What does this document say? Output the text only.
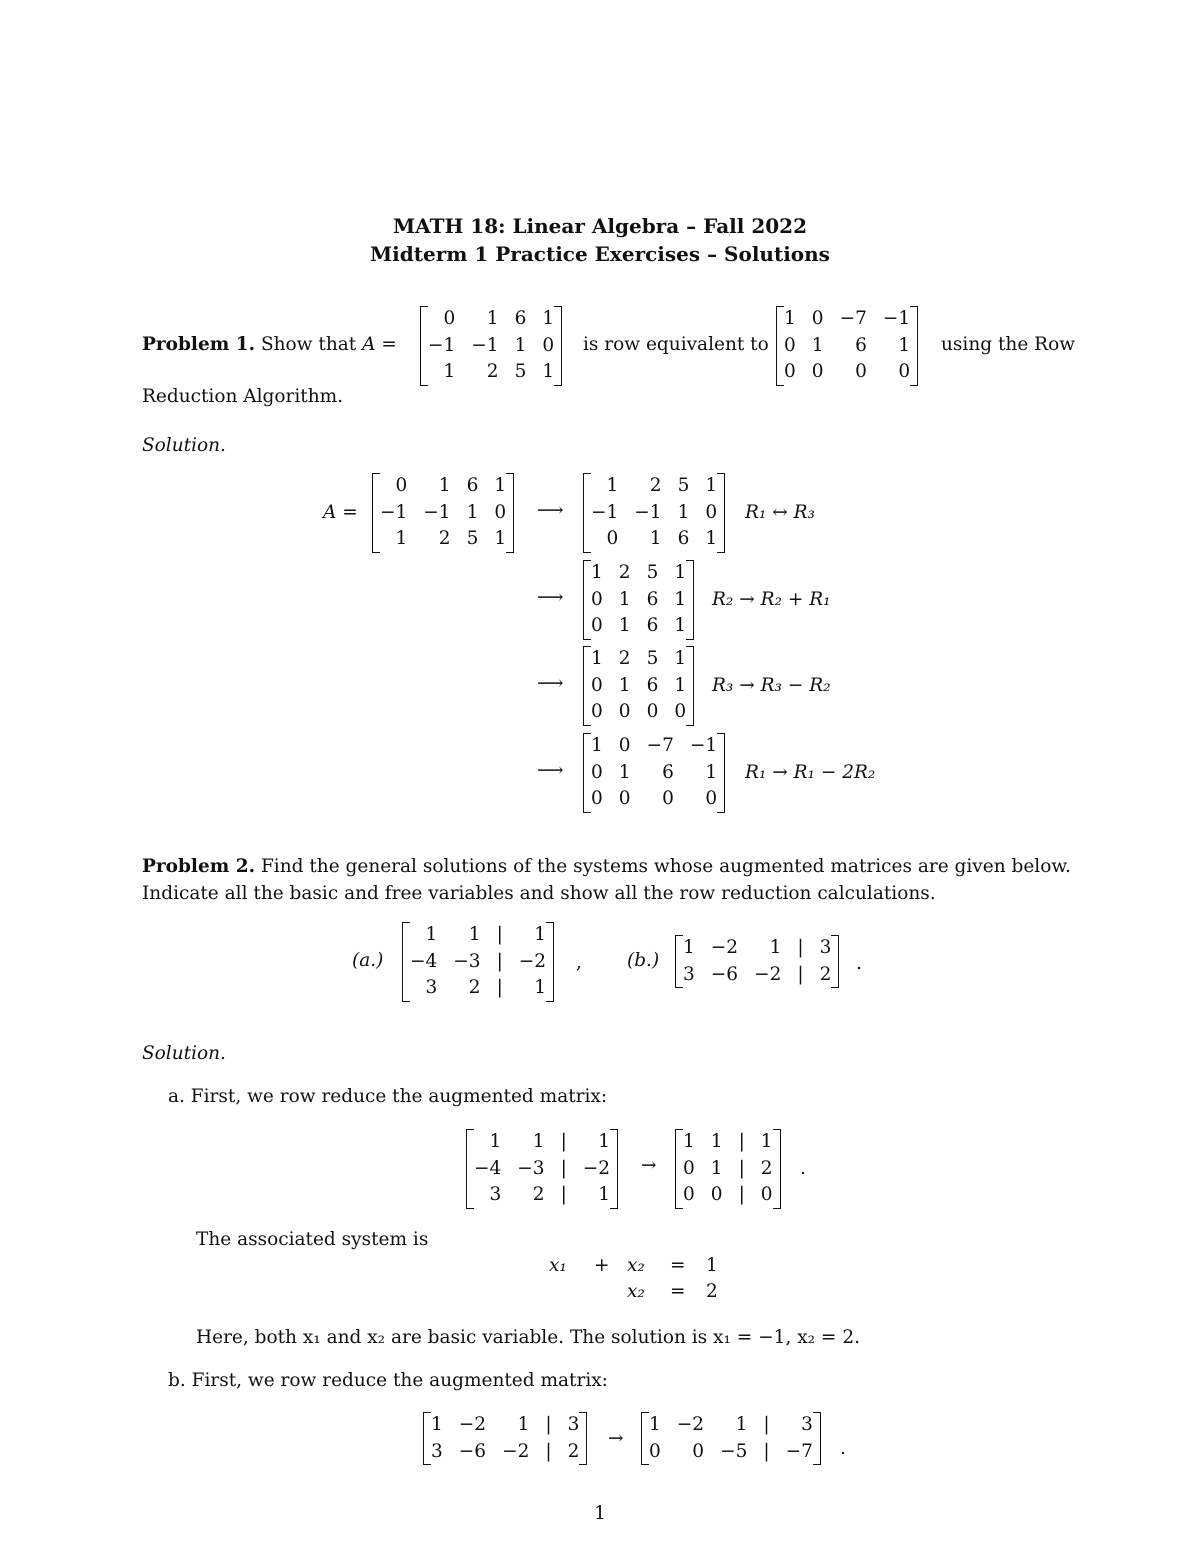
MATH 18: Linear Algebra – Fall 2022
Midterm 1 Practice Exercises – Solutions
Problem 1. Show that A =
0	1 6 1
−1 −1 1 0
1	2 5 1
is row equivalent to
1 0 −7 −1
0 1	6	1
0 0	0	0
using the Row
Reduction Algorithm.
Solution.
A =
0	1 6 1
−1 −1 1 0
1	2 5 1
⟶
1	2 5 1
−1 −1 1 0
0	1 6 1
R₁ ↔ R₃
⟶
1 2 5 1
0 1 6 1
0 1 6 1
R₂ → R₂ + R₁
⟶
1 2 5 1
0 1 6 1
0 0 0 0
R₃ → R₃ − R₂
⟶
1 0 −7 −1
0 1	6	1
0 0	0	0
R₁ → R₁ − 2R₂
Problem 2. Find the general solutions of the systems whose augmented matrices are given below.
Indicate all the basic and free variables and show all the row reduction calculations.
(a.)
1	1 |	1
−4 −3 | −2
3	2 |	1
, (b.)
1 −2	1 | 3
3 −6 −2 | 2 .
Solution.
a. First, we row reduce the augmented matrix:
1	1 |	1
−4 −3 | −2
3	2 |	1
→
1 1 | 1
0 1 | 2
0 0 | 0
.
The associated system is
x₁ + x₂ = 1
x₂ = 2
Here, both x₁ and x₂ are basic variable. The solution is x₁ = −1, x₂ = 2.
b. First, we row reduce the augmented matrix:
1 −2	1 | 3
3 −6 −2 | 2
→
1 −2	1 |	3
0	0 −5 | −7 .
1
